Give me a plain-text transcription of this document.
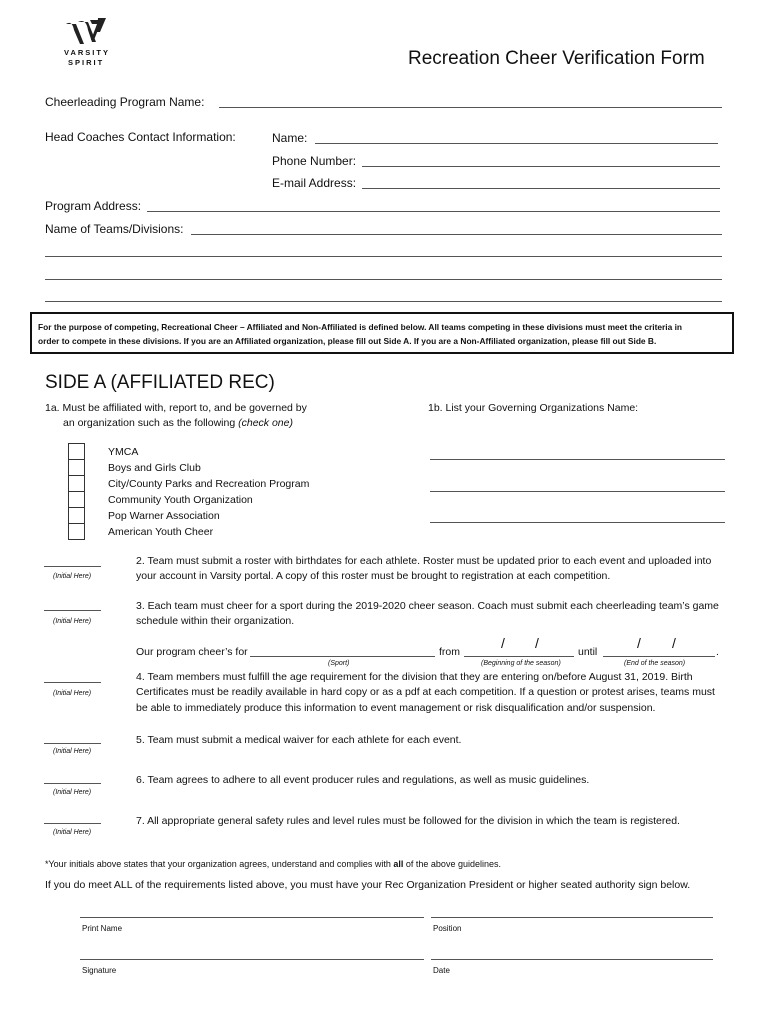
VARSITY
SPIRIT	Recreation Cheer Verification Form
Cheerleading Program Name:
Head Coaches Contact Information:	Name:
Phone Number:
E-mail Address:
Program Address:
Name of Teams/Divisions:
For the purpose of competing, Recreational Cheer – Affiliated and Non-Affiliated is defined below. All teams competing in these divisions must meet the criteria in
order to compete in these divisions. If you are an Affiliated organization, please fill out Side A. If you are a Non-Affiliated organization, please fill out Side B.
SIDE A (AFFILIATED REC)
1a. Must be affiliated with, report to, and be governed by
an organization such as the following (check one)
1b. List your Governing Organizations Name:
YMCA
Boys and Girls Club
City/County Parks and Recreation Program
Community Youth Organization
Pop Warner Association
American Youth Cheer
(Initial Here)
2. Team must submit a roster with birthdates for each athlete. Roster must be updated prior to each event and uploaded into
your account in Varsity portal. A copy of this roster must be brought to registration at each competition.
(Initial Here)
3. Each team must cheer for a sport during the 2019-2020 cheer season. Coach must submit each cheerleading team’s game
schedule within their organization.
Our program cheer’s for	from
/ /
until	.
/ /
(Sport)	(Beginning of the season)	(End of the season)
(Initial Here)
4. Team members must fulfill the age requirement for the division that they are entering on/before August 31, 2019. Birth
Certificates must be readily available in hard copy or as a pdf at each competition. If a question or protest arises, teams must
be able to immediately produce this information to event management or risk disqualification and/or suspension.
(Initial Here)
5. Team must submit a medical waiver for each athlete for each event.
(Initial Here)
6. Team agrees to adhere to all event producer rules and regulations, as well as music guidelines.
(Initial Here)
7. All appropriate general safety rules and level rules must be followed for the division in which the team is registered.
*Your initials above states that your organization agrees, understand and complies with all of the above guidelines.
If you do meet ALL of the requirements listed above, you must have your Rec Organization President or higher seated authority sign below.
Print Name	Position
Signature	Date
